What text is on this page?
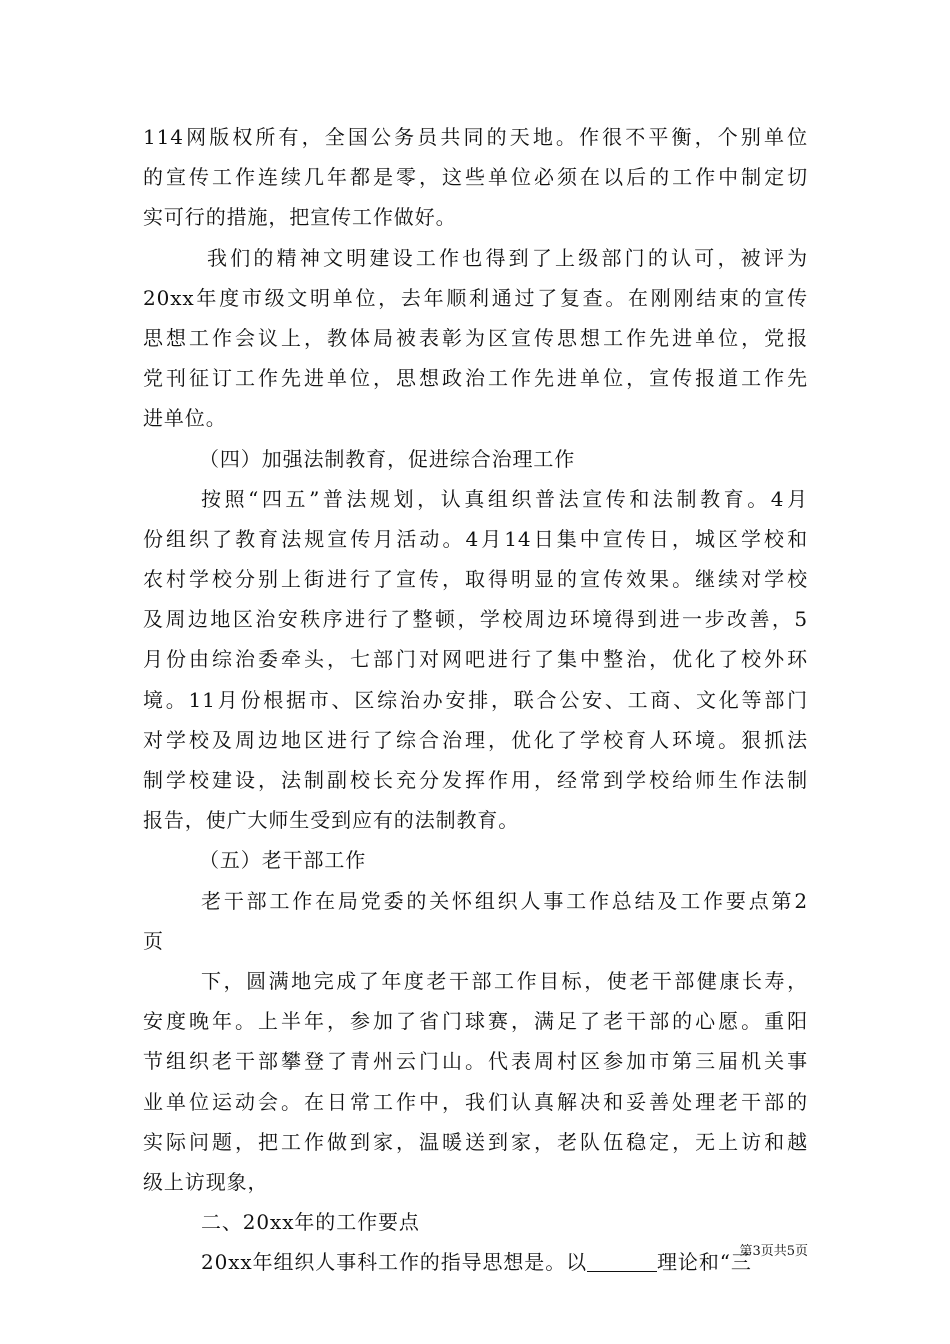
114网版权所有，全国公务员共同的天地。作很不平衡，个别单位
的宣传工作连续几年都是零，这些单位必须在以后的工作中制定切
实可行的措施，把宣传工作做好。
我们的精神文明建设工作也得到了上级部门的认可，被评为
20xx年度市级文明单位，去年顺利通过了复查。在刚刚结束的宣传
思想工作会议上，教体局被表彰为区宣传思想工作先进单位，党报
党刊征订工作先进单位，思想政治工作先进单位，宣传报道工作先
进单位。
（四）加强法制教育，促进综合治理工作
按照“四五”普法规划，认真组织普法宣传和法制教育。4月
份组织了教育法规宣传月活动。4月14日集中宣传日，城区学校和
农村学校分别上街进行了宣传，取得明显的宣传效果。继续对学校
及周边地区治安秩序进行了整顿，学校周边环境得到进一步改善，5
月份由综治委牵头，七部门对网吧进行了集中整治，优化了校外环
境。11月份根据市、区综治办安排，联合公安、工商、文化等部门
对学校及周边地区进行了综合治理，优化了学校育人环境。狠抓法
制学校建设，法制副校长充分发挥作用，经常到学校给师生作法制
报告，使广大师生受到应有的法制教育。
（五）老干部工作
老干部工作在局党委的关怀组织人事工作总结及工作要点第2
页
下，圆满地完成了年度老干部工作目标，使老干部健康长寿，
安度晚年。上半年，参加了省门球赛，满足了老干部的心愿。重阳
节组织老干部攀登了青州云门山。代表周村区参加市第三届机关事
业单位运动会。在日常工作中，我们认真解决和妥善处理老干部的
实际问题，把工作做到家，温暖送到家，老队伍稳定，无上访和越
级上访现象，
二、20xx年的工作要点
20xx年组织人事科工作的指导思想是。以	理论和“三
第3页共5页
